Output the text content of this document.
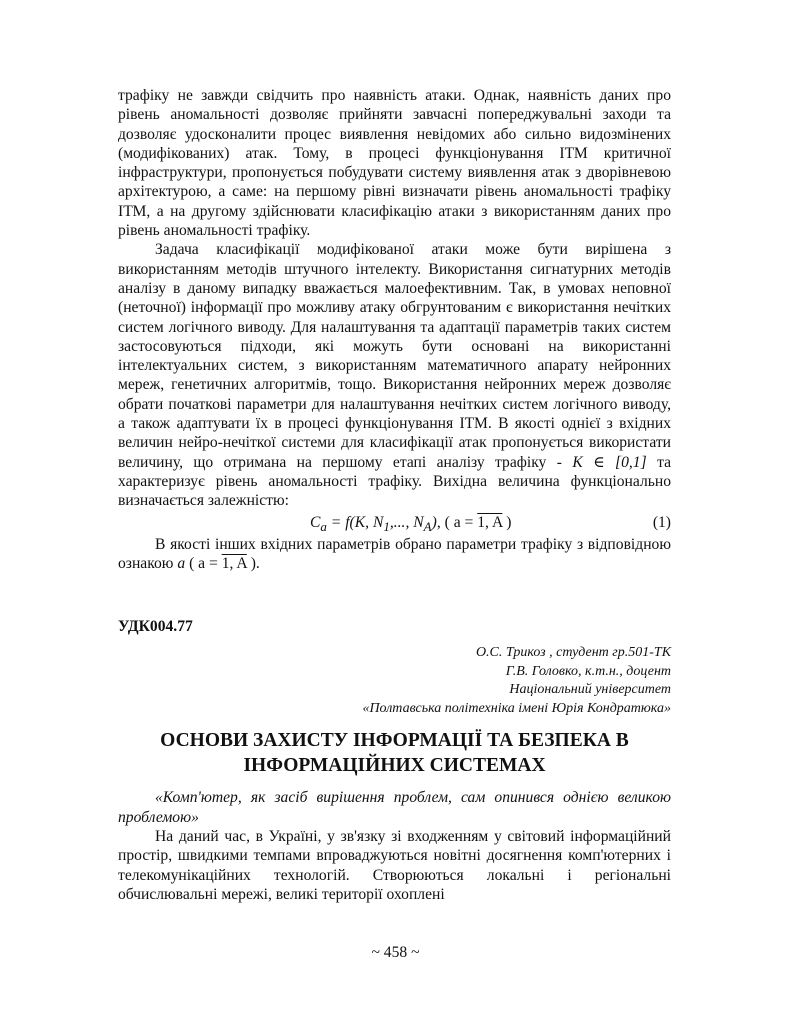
трафіку не завжди свідчить про наявність атаки. Однак, наявність даних про рівень аномальності дозволяє прийняти завчасні попереджувальні заходи та дозволяє удосконалити процес виявлення невідомих або сильно видозмінених (модифікованих) атак. Тому, в процесі функціонування ІТМ критичної інфраструктури, пропонується побудувати систему виявлення атак з дворівневою архітектурою, а саме: на першому рівні визначати рівень аномальності трафіку ІТМ, а на другому здійснювати класифікацію атаки з використанням даних про рівень аномальності трафіку.

Задача класифікації модифікованої атаки може бути вирішена з використанням методів штучного інтелекту. Використання сигнатурних методів аналізу в даному випадку вважається малоефективним. Так, в умовах неповної (неточної) інформації про можливу атаку обгрунтованим є використання нечітких систем логічного виводу. Для налаштування та адаптації параметрів таких систем застосовуються підходи, які можуть бути основані на використанні інтелектуальних систем, з використанням математичного апарату нейронних мереж, генетичних алгоритмів, тощо. Використання нейронних мереж дозволяє обрати початкові параметри для налаштування нечітких систем логічного виводу, а також адаптувати їх в процесі функціонування ІТМ. В якості однієї з вхідних величин нейро-нечіткої системи для класифікації атак пропонується використати величину, що отримана на першому етапі аналізу трафіку - K ∈ [0,1] та характеризує рівень аномальності трафіку. Вихідна величина функціонально визначається залежністю:

$C_a = f(K$, $N_1$,..., $N_A$), ( a = 1, A )	(1)

В якості інших вхідних параметрів обрано параметри трафіку з відповідною ознакою a ( a = 1, A ).

УДК004.77
О.С. Трикоз , студент гр.501-ТК
Г.В. Головко, к.т.н., доцент
Національний університет
«Полтавська політехніка імені Юрія Кондратюка»
ОСНОВИ ЗАХИСТУ ІНФОРМАЦІЇ ТА БЕЗПЕКА В
ІНФОРМАЦІЙНИХ СИСТЕМАХ

«Комп'ютер, як засіб вирішення проблем, сам опинився однією великою проблемою»

На даний час, в Україні, у зв'язку зі входженням у світовий інформаційний простір, швидкими темпами впроваджуються новітні досягнення комп'ютерних і телекомунікаційних технологій. Створюються локальні і регіональні обчислювальні мережі, великі території охоплені

~ 458 ~
